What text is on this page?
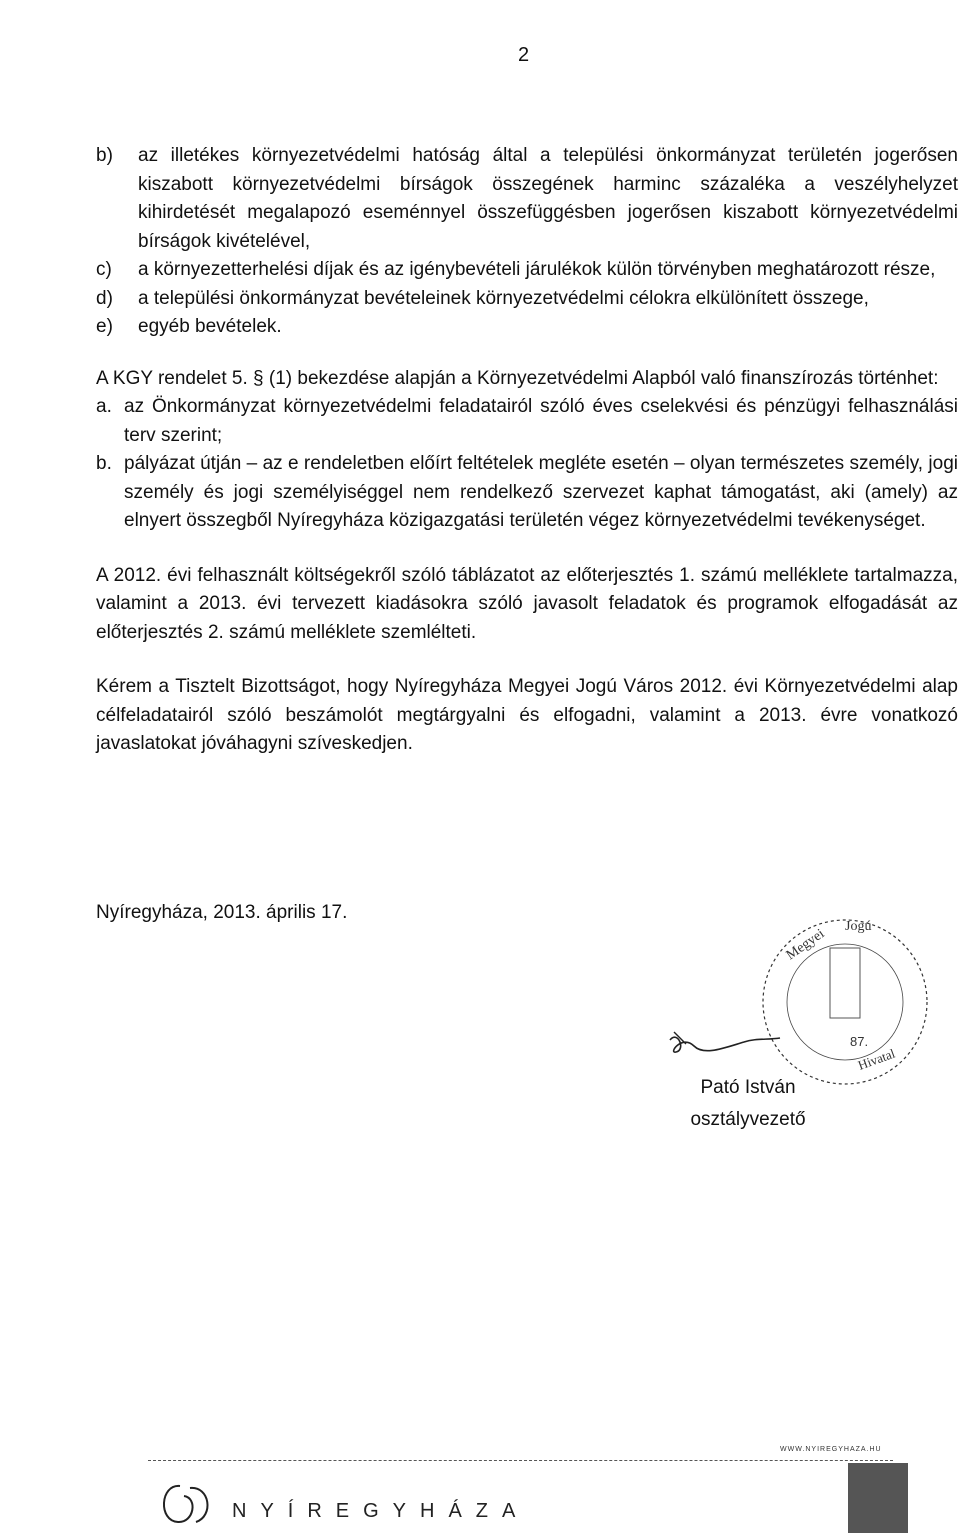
2
b)	az illetékes környezetvédelmi hatóság által a települési önkormányzat területén jogerősen kiszabott környezetvédelmi bírságok összegének harminc százaléka a veszélyhelyzet kihirdetését megalapozó eseménnyel összefüggésben jogerősen kiszabott környezetvédelmi bírságok kivételével,
c)	a környezetterhelési díjak és az igénybevételi járulékok külön törvényben meghatározott része,
d)	a települési önkormányzat bevételeinek környezetvédelmi célokra elkülönített összege,
e)	egyéb bevételek.

A KGY rendelet 5. § (1) bekezdése alapján a Környezetvédelmi Alapból való finanszírozás történhet:

a. az Önkormányzat környezetvédelmi feladatairól szóló éves cselekvési és pénzügyi felhasználási terv szerint;
b. pályázat útján – az e rendeletben előírt feltételek megléte esetén – olyan természetes személy, jogi személy és jogi személyiséggel nem rendelkező szervezet kaphat támogatást, aki (amely) az elnyert összegből Nyíregyháza közigazgatási területén végez környezetvédelmi tevékenységet.

A 2012. évi felhasznált költségekről szóló táblázatot az előterjesztés 1. számú melléklete tartalmazza, valamint a 2013. évi tervezett kiadásokra szóló javasolt feladatok és programok elfogadását az előterjesztés 2. számú melléklete szemlélteti.

Kérem a Tisztelt Bizottságot, hogy Nyíregyháza Megyei Jogú Város 2012. évi Környezetvédelmi alap célfeladatairól szóló beszámolót megtárgyalni és elfogadni, valamint a 2013. évre vonatkozó javaslatokat jóváhagyni szíveskedjen.

Nyíregyháza, 2013. április 17.
87.
Megyei Jogú
Hivatal
Pató István
osztályvezető
WWW.NYIREGYHAZA.HU
NYÍREGYHÁZA
